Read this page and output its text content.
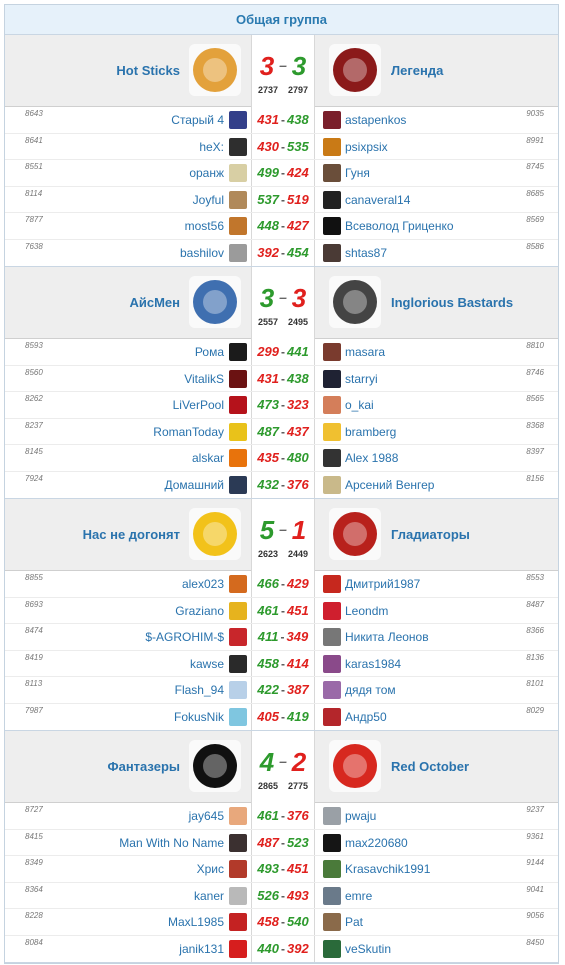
Общая группа
Hot Sticks	3 – 3
2737 2797
Легенда
8643	Старый 4	431 - 438	astapenkos	9035
8641	heX:	430 - 535	psixpsix	8991
8551	оранж	499 - 424	Гуня	8745
8114	Joyful	537 - 519	canaveral14	8685
7877	most56	448 - 427	Всеволод Гриценко	8569
7638	bashilov	392 - 454	shtas87	8586
АйсМен	3 – 3
2557 2495
Inglorious Bastards
8593	Рома	299 - 441	masara	8810
8560	VitalikS	431 - 438	starryi	8746
8262	LiVerPool	473 - 323	o_kai	8565
8237	RomanToday	487 - 437	bramberg	8368
8145	alskar	435 - 480	Alex 1988	8397
7924	Домашний	432 - 376	Арсений Венгер	8156
Нас не догонят	5 – 1
2623 2449
Гладиаторы
8855	alex023	466 - 429	Дмитрий1987	8553
8693	Graziano	461 - 451	Leondm	8487
8474	$-AGROHIM-$	411 - 349	Никита Леонов	8366
8419	kawse	458 - 414	karas1984	8136
8113	Flash_94	422 - 387	дядя том	8101
7987	FokusNik	405 - 419	Андр50	8029
Фантазеры	4 – 2
2865 2775
Red October
8727	jay645	461 - 376	pwaju	9237
8415	Man With No Name	487 - 523	max220680	9361
8349	Хрис	493 - 451	Krasavchik1991	9144
8364	kaner	526 - 493	emre	9041
8228	MaxL1985	458 - 540	Pat	9056
8084	janik131	440 - 392	veSkutin	8450
